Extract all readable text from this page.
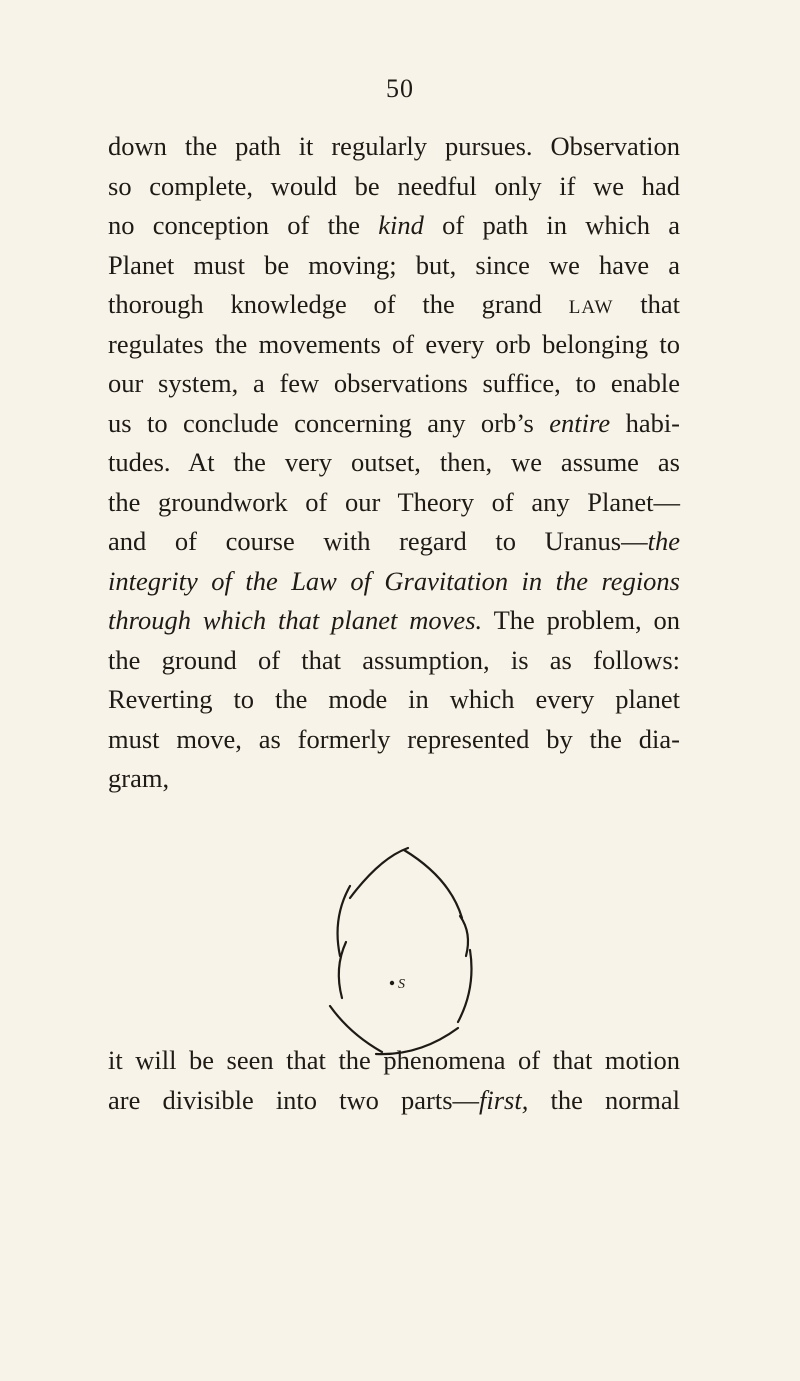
50
down the path it regularly pursues. Observation
so complete, would be needful only if we had
no conception of the kind of path in which a
Planet must be moving; but, since we have a
thorough knowledge of the grand law that
regulates the movements of every orb belonging to
our system, a few observations suffice, to enable
us to conclude concerning any orb’s entire habi-
tudes. At the very outset, then, we assume as
the groundwork of our Theory of any Planet—
and of course with regard to Uranus—the
integrity of the Law of Gravitation in the regions
through which that planet moves. The problem, on
the ground of that assumption, is as follows:
Reverting to the mode in which every planet
must move, as formerly represented by the dia-
gram,
S
it will be seen that the phenomena of that motion
are divisible into two parts—first, the normal
